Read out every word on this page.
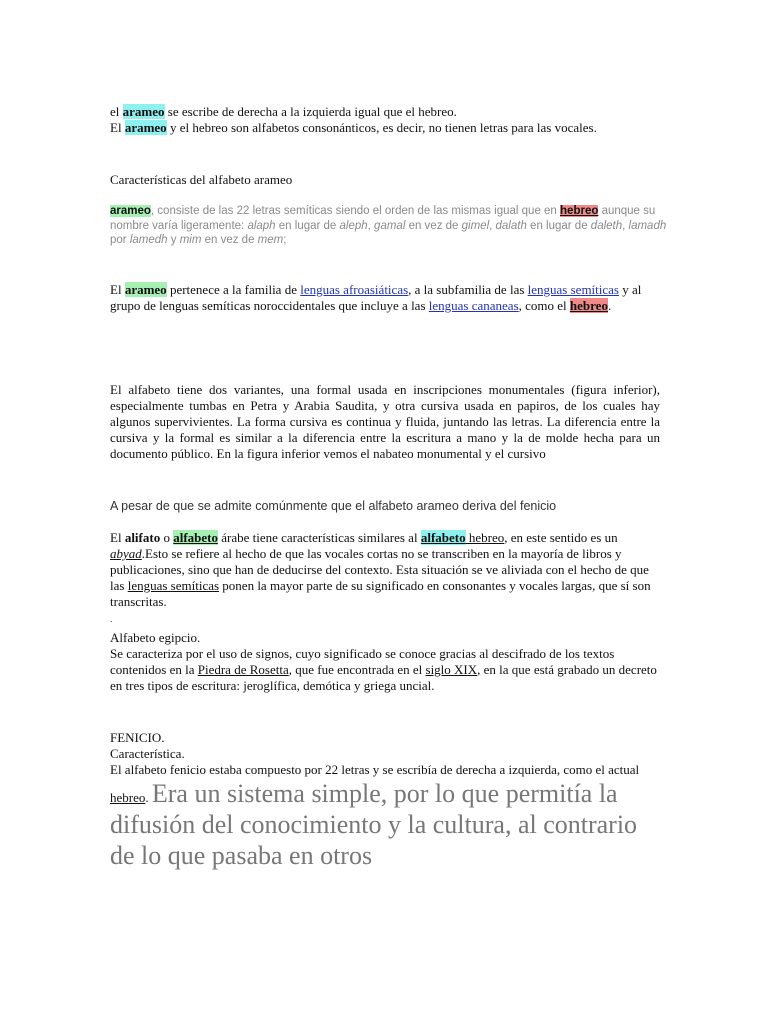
el arameo se escribe de derecha a la izquierda igual que el hebreo.
El arameo y el hebreo son alfabetos consonánticos, es decir, no tienen letras para las vocales.
Características del alfabeto arameo
arameo, consiste de las 22 letras semíticas siendo el orden de las mismas igual que en hebreo aunque su nombre varía ligeramente: alaph en lugar de aleph, gamal en vez de gimel, dalath en lugar de daleth, lamadh por lamedh y mim en vez de mem;
El arameo pertenece a la familia de lenguas afroasiáticas, a la subfamilia de las lenguas semíticas y al grupo de lenguas semíticas noroccidentales que incluye a las lenguas cananeas, como el hebreo.
El alfabeto tiene dos variantes, una formal usada en inscripciones monumentales (figura inferior), especialmente tumbas en Petra y Arabia Saudita, y otra cursiva usada en papiros, de los cuales hay algunos supervivientes. La forma cursiva es continua y fluida, juntando las letras. La diferencia entre la cursiva y la formal es similar a la diferencia entre la escritura a mano y la de molde hecha para un documento público. En la figura inferior vemos el nabateo monumental y el cursivo
A pesar de que se admite comúnmente que el alfabeto arameo deriva del fenicio
El alifato o alfabeto árabe tiene características similares al alfabeto hebreo, en este sentido es un abyad.Esto se refiere al hecho de que las vocales cortas no se transcriben en la mayoría de libros y publicaciones, sino que han de deducirse del contexto. Esta situación se ve aliviada con el hecho de que las lenguas semíticas ponen la mayor parte de su significado en consonantes y vocales largas, que sí son transcritas.
.
Alfabeto egipcio.
Se caracteriza por el uso de signos, cuyo significado se conoce gracias al descifrado de los textos contenidos en la Piedra de Rosetta, que fue encontrada en el siglo XIX, en la que está grabado un decreto en tres tipos de escritura: jeroglífica, demótica y griega uncial.
FENICIO.
Característica.
El alfabeto fenicio estaba compuesto por 22 letras y se escribía de derecha a izquierda, como el actual hebreo. Era un sistema simple, por lo que permitía la difusión del conocimiento y la cultura, al contrario de lo que pasaba en otros
